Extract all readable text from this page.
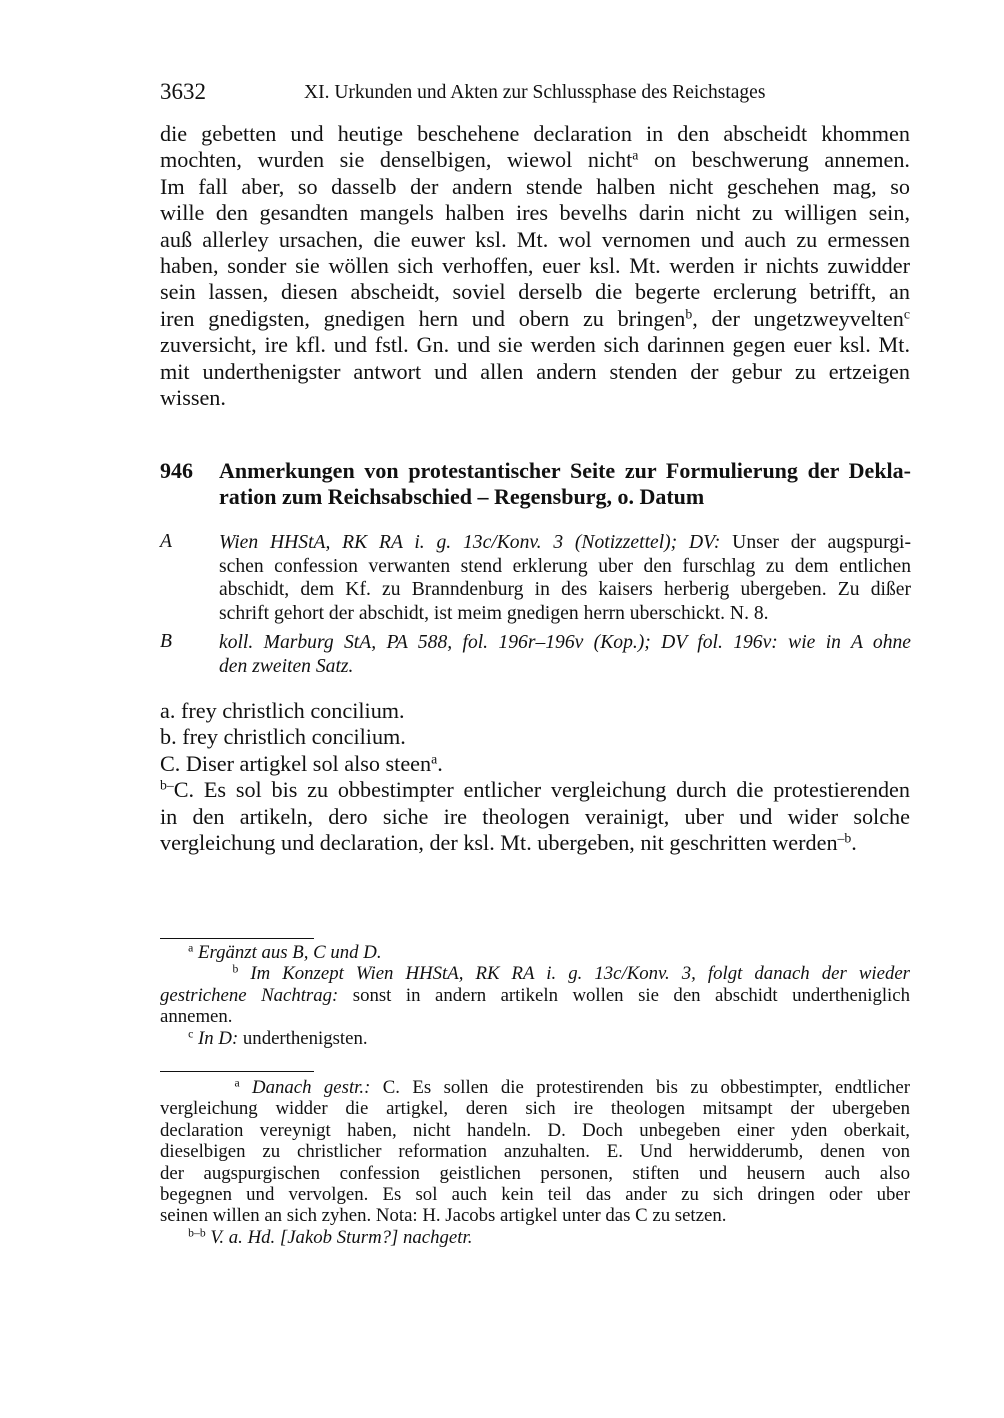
3632	XI. Urkunden und Akten zur Schlussphase des Reichstages
die gebetten und heutige beschehene declaration in den abscheidt khommen
mochten, wurden sie denselbigen, wiewol nicht$^a$ on beschwerung annemen.
Im fall aber, so dasselb der andern stende halben nicht geschehen mag, so
wille den gesandten mangels halben ires bevelhs darin nicht zu willigen sein,
auß allerley ursachen, die euwer ksl. Mt. wol vernomen und auch zu ermessen
haben, sonder sie wöllen sich verhoffen, euer ksl. Mt. werden ir nichts zuwidder
sein lassen, diesen abscheidt, soviel derselb die begerte erclerung betrifft, an
iren gnedigsten, gnedigen hern und obern zu bringen$^b$, der ungetzweyvelten$^c$
zuversicht, ire kfl. und fstl. Gn. und sie werden sich darinnen gegen euer ksl. Mt.
mit underthenigster antwort und allen andern stenden der gebur zu ertzeigen
wissen.
946 Anmerkungen von protestantischer Seite zur Formulierung der Dekla-
ration zum Reichsabschied – Regensburg, o. Datum
A Wien HHStA, RK RA i. g. 13c/Konv. 3 (Notizzettel); DV: Unser der augspurgi-
schen confession verwanten stend erklerung uber den furschlag zu dem entlichen
abschidt, dem Kf. zu Branndenburg in des kaisers herberig ubergeben. Zu dißer
schrift gehort der abschidt, ist meim gnedigen herrn uberschickt. N. 8.
B koll. Marburg StA, PA 588, fol. 196r–196v (Kop.); DV fol. 196v: wie in A ohne
den zweiten Satz.
a. frey christlich concilium.
b. frey christlich concilium.
C. Diser artigkel sol also steen$^a$.
$^{b-}$C. Es sol bis zu obbestimpter entlicher vergleichung durch die protestierenden
in den artikeln, dero siche ire theologen verainigt, uber und wider solche
vergleichung und declaration, der ksl. Mt. ubergeben, nit geschritten werden$^{-b}$.
$^a$ Ergänzt aus B, C und D.
$^b$ Im Konzept Wien HHStA, RK RA i. g. 13c/Konv. 3, folgt danach der wieder
gestrichene Nachtrag: sonst in andern artikeln wollen sie den abschidt undertheniglich
annemen.
$^c$ In D: underthenigsten.
$^a$ Danach gestr.: C. Es sollen die protestirenden bis zu obbestimpter, endtlicher
vergleichung widder die artigkel, deren sich ire theologen mitsampt der ubergeben
declaration vereynigt haben, nicht handeln. D. Doch unbegeben einer yden oberkait,
dieselbigen zu christlicher reformation anzuhalten. E. Und herwidderumb, denen von
der augspurgischen confession geistlichen personen, stiften und heusern auch also
begegnen und vervolgen. Es sol auch kein teil das ander zu sich dringen oder uber
seinen willen an sich zyhen. Nota: H. Jacobs artigkel unter das C zu setzen.
$^{b-b}$ V. a. Hd. [Jakob Sturm?] nachgetr.
